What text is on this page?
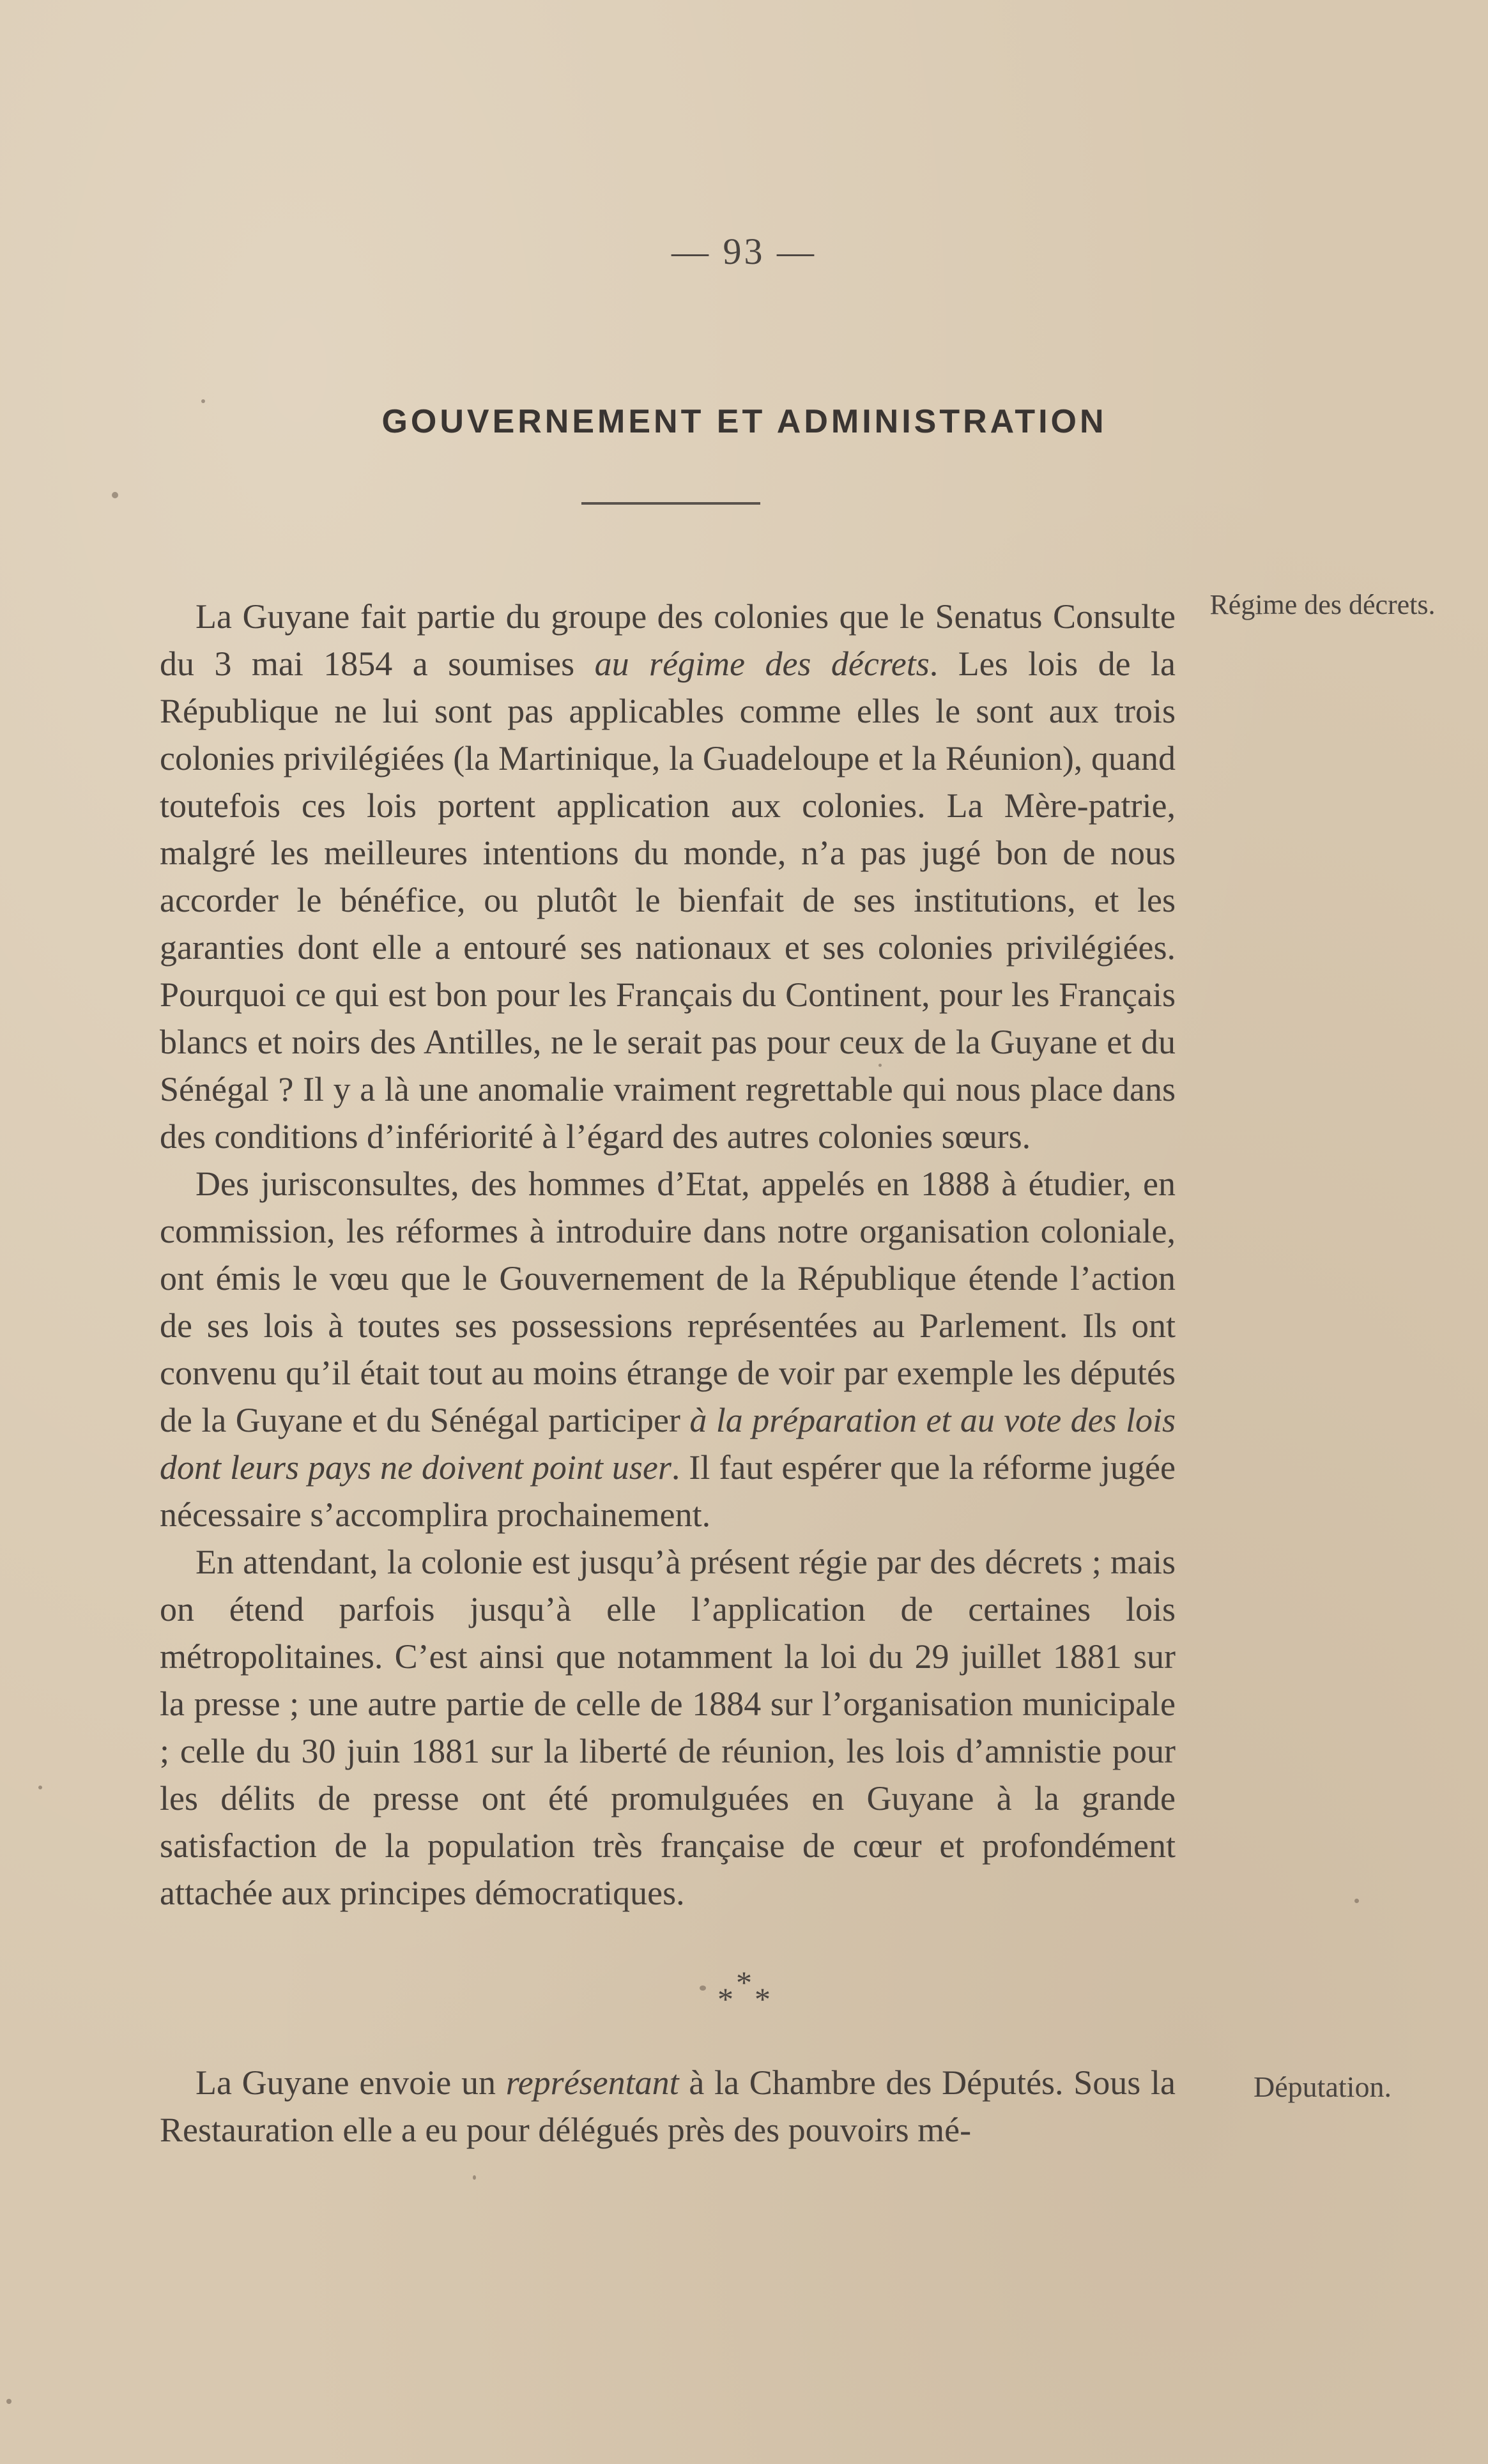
— 93 —
GOUVERNEMENT ET ADMINISTRATION
Régime des décrets.

La Guyane fait partie du groupe des colonies que le Senatus Consulte du 3 mai 1854 a soumises au régime des décrets. Les lois de la République ne lui sont pas applicables comme elles le sont aux trois colonies privilégiées (la Martinique, la Guadeloupe et la Réunion), quand toutefois ces lois portent application aux colonies. La Mère-patrie, malgré les meilleures intentions du monde, n’a pas jugé bon de nous accorder le bénéfice, ou plutôt le bienfait de ses institutions, et les garanties dont elle a entouré ses nationaux et ses colonies privilégiées. Pourquoi ce qui est bon pour les Français du Continent, pour les Français blancs et noirs des Antilles, ne le serait pas pour ceux de la Guyane et du Sénégal ? Il y a là une anomalie vraiment regrettable qui nous place dans des conditions d’infériorité à l’égard des autres colonies sœurs.

Des jurisconsultes, des hommes d’Etat, appelés en 1888 à étudier, en commission, les réformes à introduire dans notre organisation coloniale, ont émis le vœu que le Gouvernement de la République étende l’action de ses lois à toutes ses possessions représentées au Parlement. Ils ont convenu qu’il était tout au moins étrange de voir par exemple les députés de la Guyane et du Sénégal participer à la préparation et au vote des lois dont leurs pays ne doivent point user. Il faut espérer que la réforme jugée nécessaire s’accomplira prochainement.

En attendant, la colonie est jusqu’à présent régie par des décrets ; mais on étend parfois jusqu’à elle l’application de certaines lois métropolitaines. C’est ainsi que notamment la loi du 29 juillet 1881 sur la presse ; une autre partie de celle de 1884 sur l’organisation municipale ; celle du 30 juin 1881 sur la liberté de réunion, les lois d’amnistie pour les délits de presse ont été promulguées en Guyane à la grande satisfaction de la population très française de cœur et profondément attachée aux principes démocratiques.

***
Députation.

La Guyane envoie un représentant à la Chambre des Députés. Sous la Restauration elle a eu pour délégués près des pouvoirs mé-
